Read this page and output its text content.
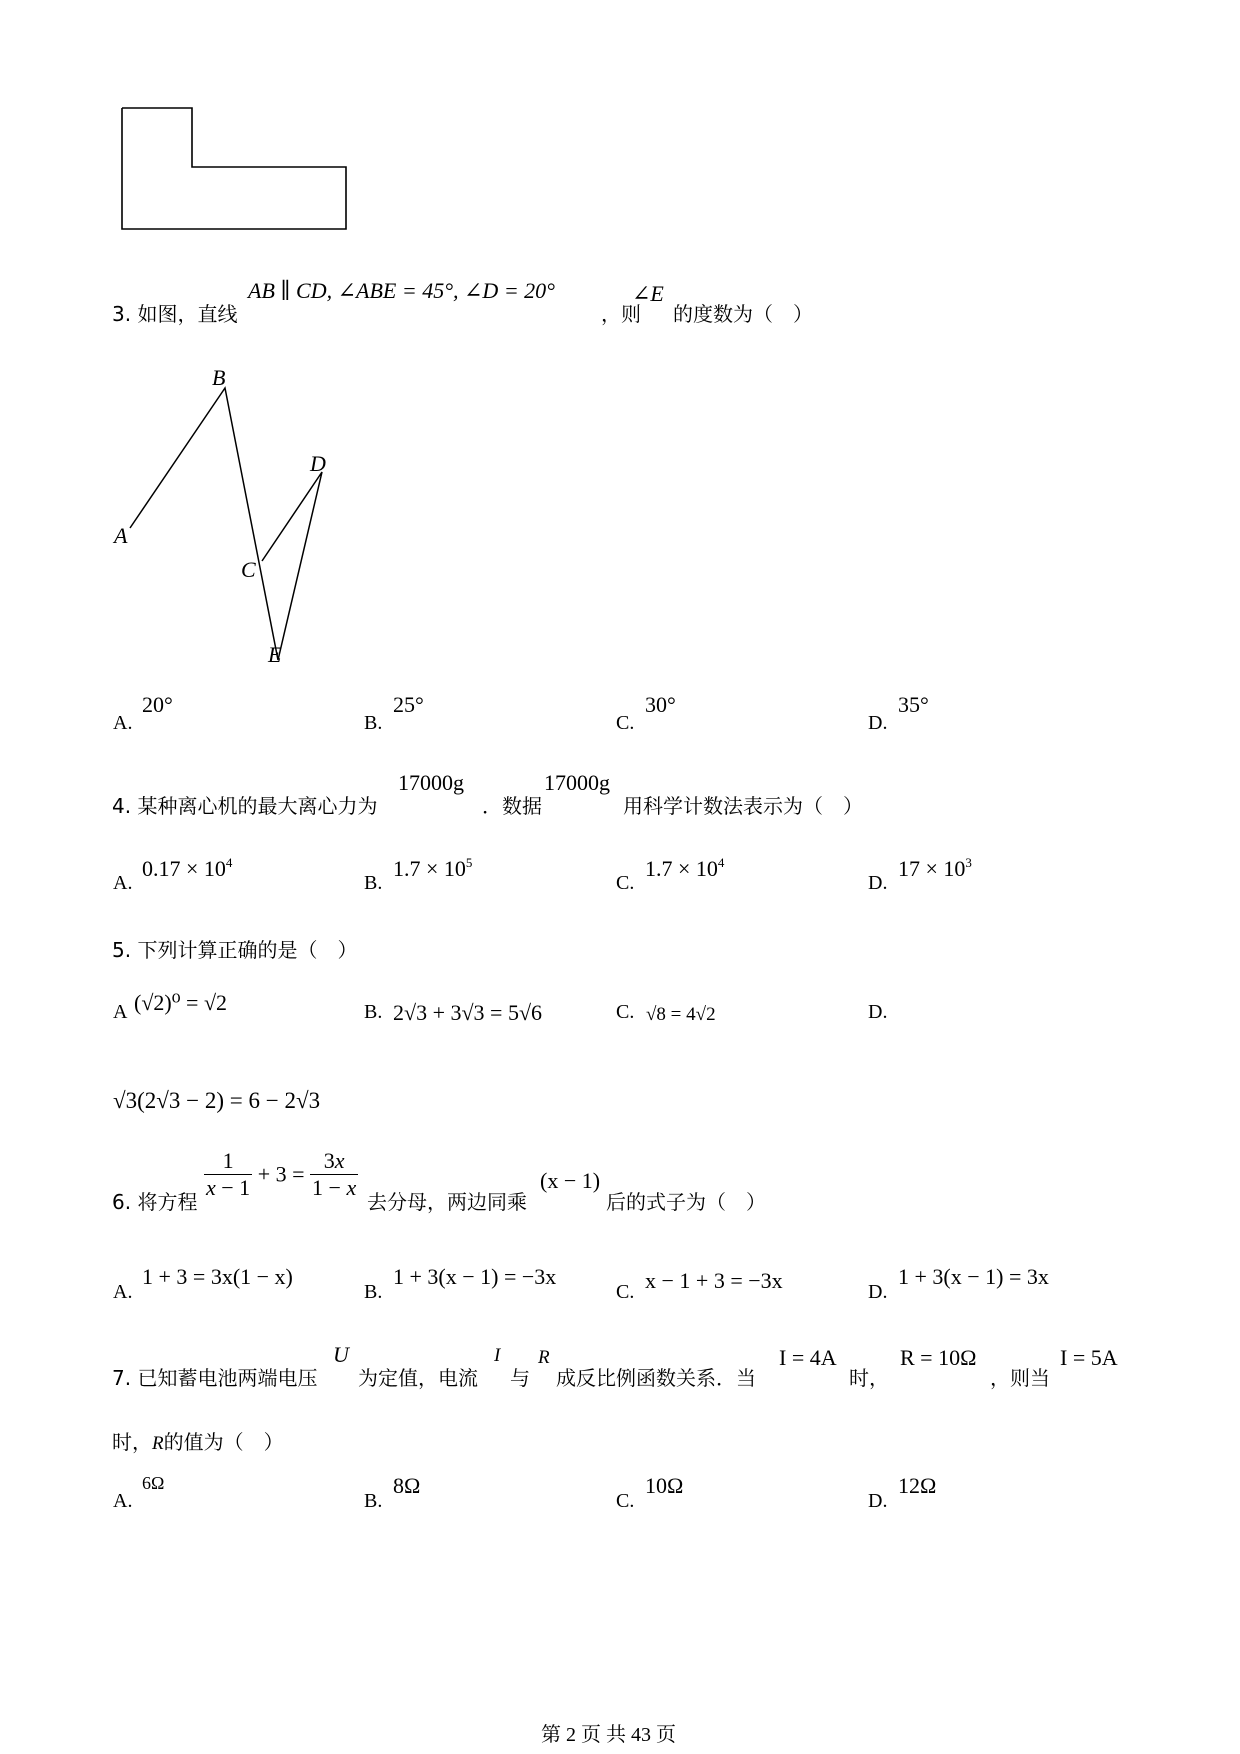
3. 如图，直线
AB ∥ CD, ∠ABE = 45°, ∠D = 20°
，则
∠E
的度数为（　）
B
D
A
C
E
A.
20°
B.
25°
C.
30°
D.
35°
4. 某种离心机的最大离心力为
17000g
．数据
17000g
用科学计数法表示为（　）
A.
$0.17 \times 10^4$
B.
$1.7 \times 10^5$
C.
$1.7 \times 10^4$
D.
$17 \times 10^3$
5. 下列计算正确的是（　）
A (√2)⁰ = √2	B. 2√3 + 3√3 = 5√6	C. √8 = 4√2	D.
√3(2√3 − 2) = 6 − 2√3
6. 将方程
$\frac{1}{x - 1} + 3 = \frac{3x}{1 - x}$
去分母，两边同乘
(x − 1)
后的式子为（　）
A.
1 + 3 = 3x(1 − x)
B.
1 + 3(x − 1) = −3x
C. x − 1 + 3 = −3x	D.
1 + 3(x − 1) = 3x
7. 已知蓄电池两端电压
U
为定值，电流
I
与
R
成反比例函数关系．当
I = 4A
时，
R = 10Ω
，则当
I = 5A
时，R的值为（　）
A.
6Ω
B.
8Ω
C.
10Ω
D.
12Ω
第 2 页 共 43 页
